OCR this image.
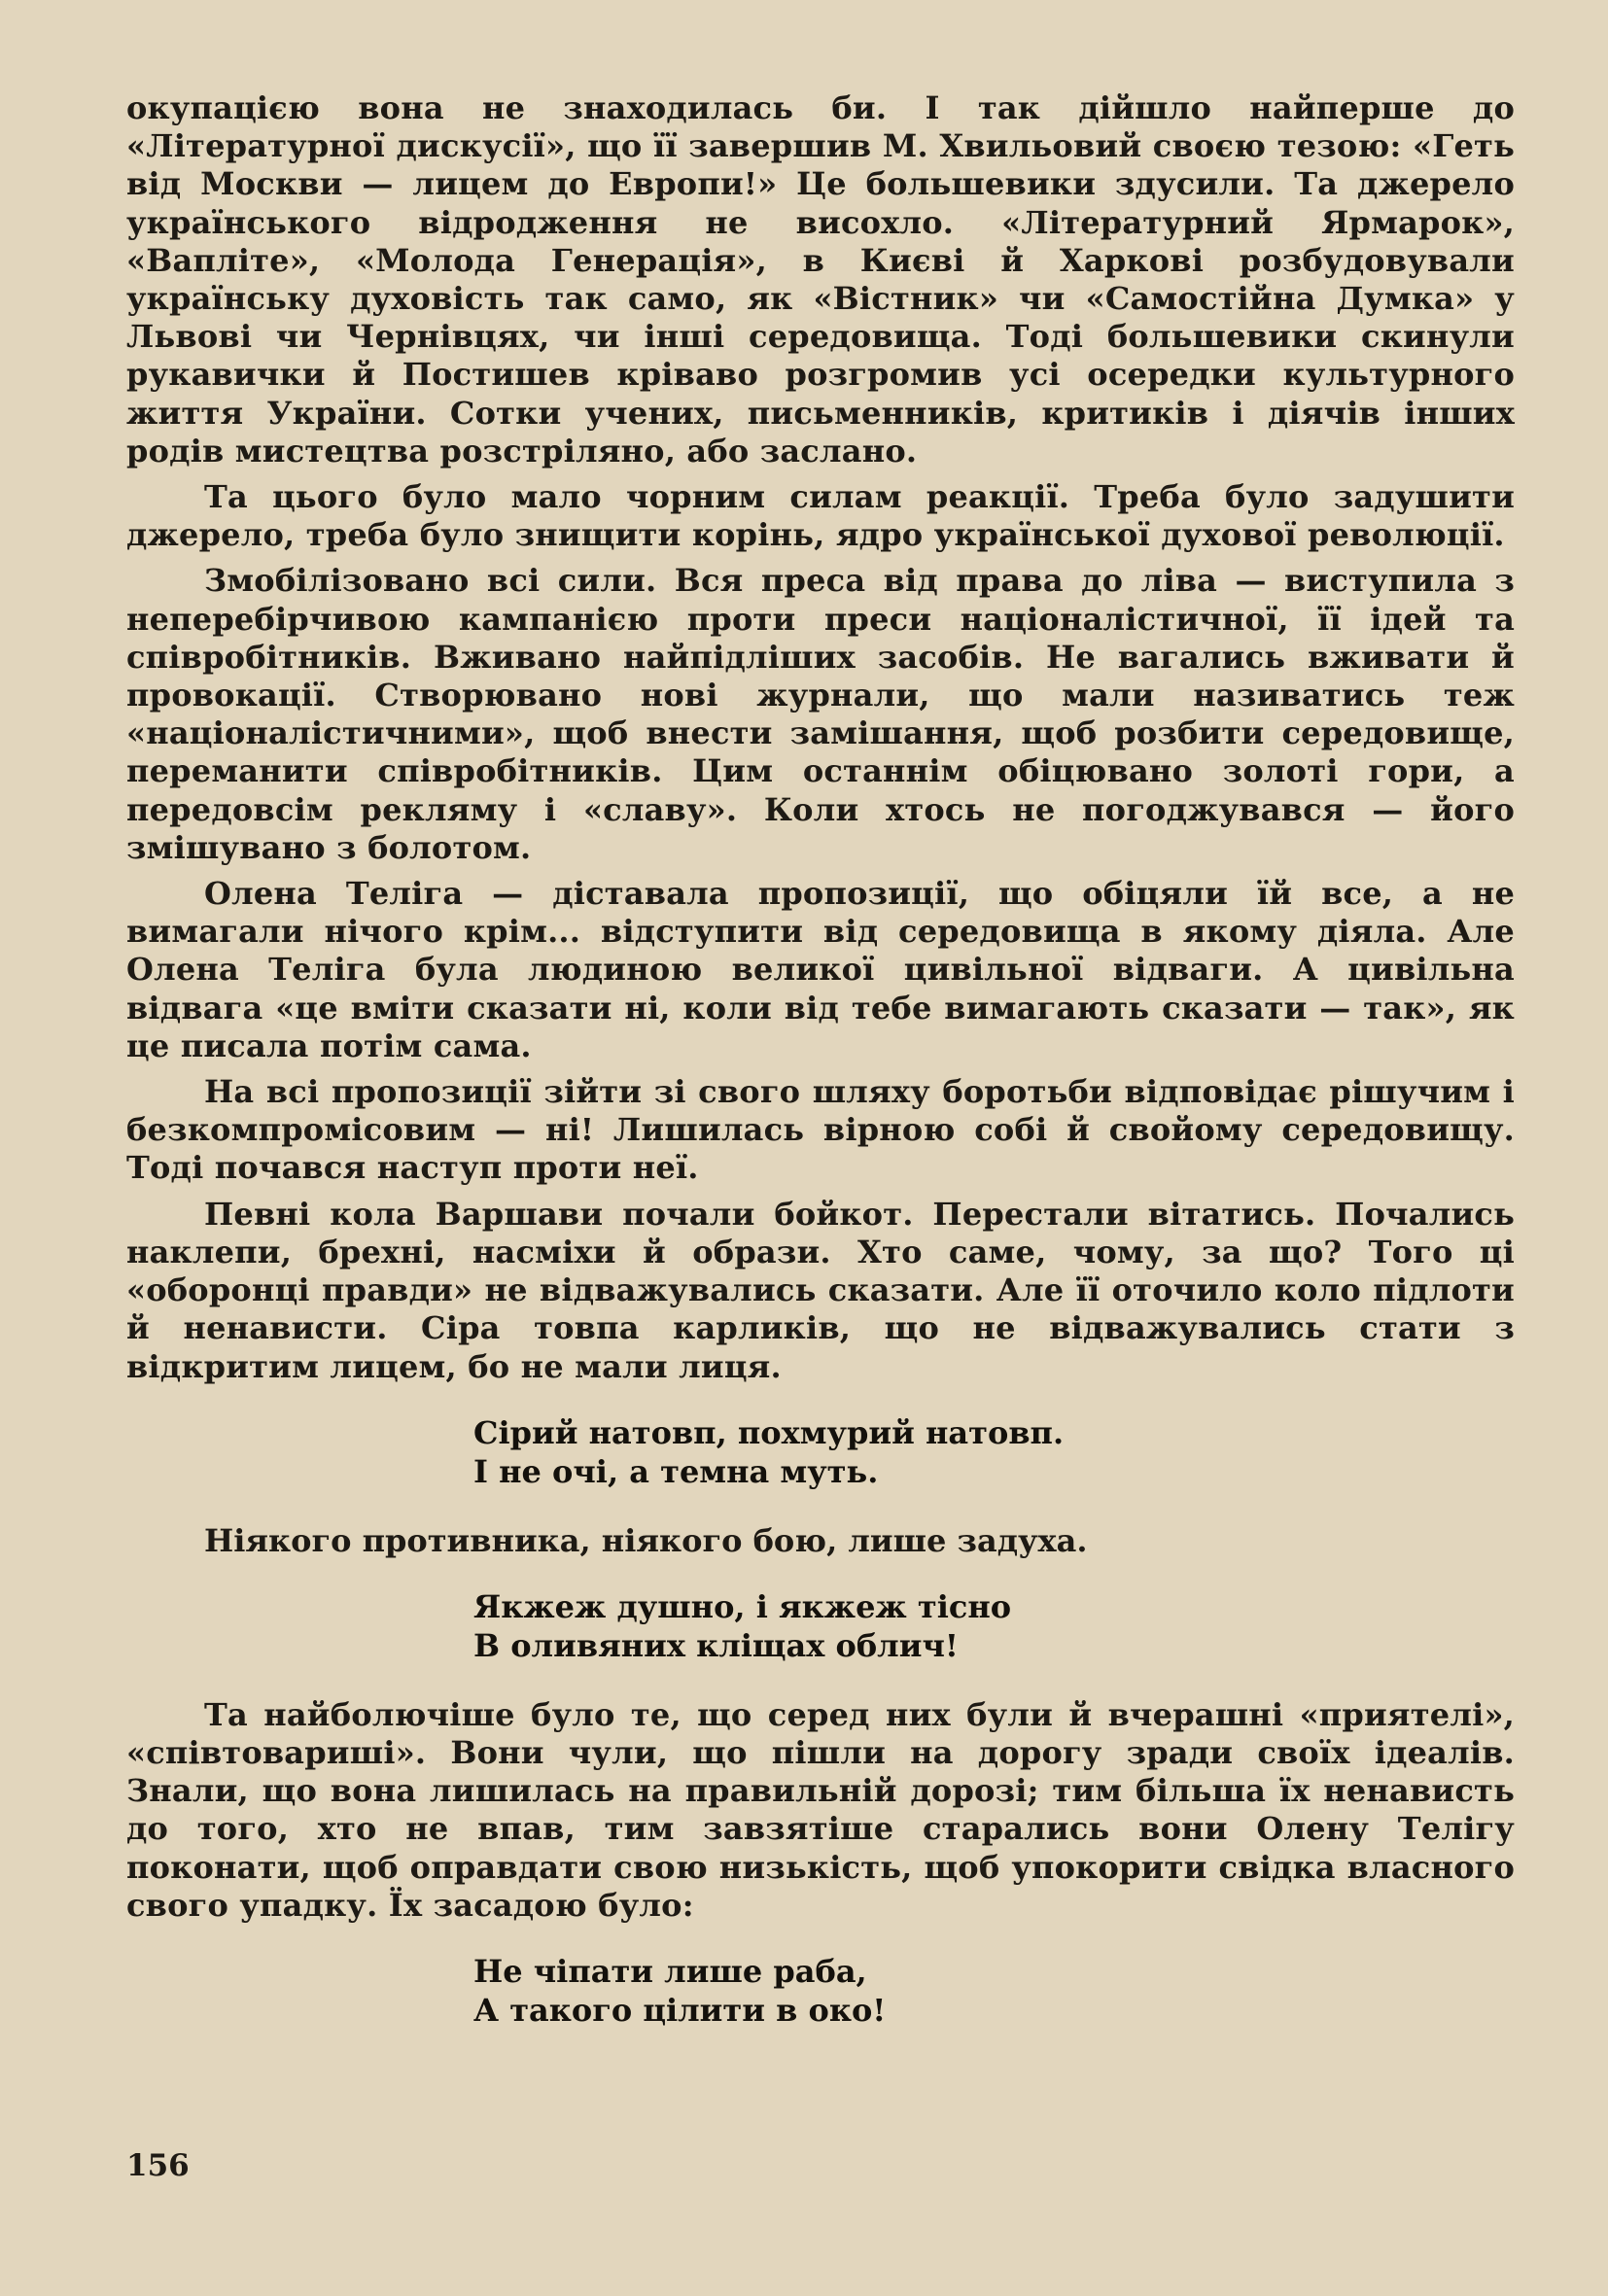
окупацією вона не знаходилась би. І так дійшло найперше до «Літературної дискусії», що її завершив М. Хвильовий своєю тезою: «Геть від Москви — лицем до Европи!» Це большевики здусили. Та джерело українського відродження не висохло. «Літературний Ярмарок», «Вапліте», «Молода Генерація», в Києві й Харкові розбудовували українську духовість так само, як «Вістник» чи «Самостійна Думка» у Львові чи Чернівцях, чи інші середовища. Тоді большевики скинули рукавички й Постишев кріваво розгромив усі осередки культурного життя України. Сотки учених, письменників, критиків і діячів інших родів мистецтва розстріляно, або заслано.

Та цього було мало чорним силам реакції. Треба було задушити джерело, треба було знищити корінь, ядро української духової революції.

Змобілізовано всі сили. Вся преса від права до ліва — виступила з неперебірчивою кампанією проти преси націоналістичної, її ідей та співробітників. Вживано найпідліших засобів. Не вагались вживати й провокації. Створювано нові журнали, що мали називатись теж «націоналістичними», щоб внести замішання, щоб розбити середовище, переманити співробітників. Цим останнім обіцювано золоті гори, а передовсім рекляму і «славу». Коли хтось не погоджувався — його змішувано з болотом.

Олена Теліга — діставала пропозиції, що обіцяли їй все, а не вимагали нічого крім... відступити від середовища в якому діяла. Але Олена Теліга була людиною великої цивільної відваги. А цивільна відвага «це вміти сказати ні, коли від тебе вимагають сказати — так», як це писала потім сама.

На всі пропозиції зійти зі свого шляху боротьби відповідає рішучим і безкомпромісовим — ні! Лишилась вірною собі й свойому середовищу. Тоді почався наступ проти неї.

Певні кола Варшави почали бойкот. Перестали вітатись. Почались наклепи, брехні, насміхи й образи. Хто саме, чому, за що? Того ці «оборонці правди» не відважувались сказати. Але її оточило коло підлоти й ненависти. Сіра товпа карликів, що не відважувались стати з відкритим лицем, бо не мали лиця.

Сірий натовп, похмурий натовп.
І не очі, а темна муть.

Ніякого противника, ніякого бою, лише задуха.

Якжеж душно, і якжеж тісно
В оливяних кліщах облич!

Та найболючіше було те, що серед них були й вчерашні «приятелі», «спiвтовариші». Вони чули, що пішли на дорогу зради своїх ідеалів. Знали, що вона лишилась на правильній дорозі; тим більша їх ненависть до того, хто не впав, тим завзятіше старались вони Олену Телігу поконати, щоб оправдати свою низькість, щоб упокорити свідка власного свого упадку. Їх засадою було:

Не чіпати лише раба,
А такого цілити в око!
156
